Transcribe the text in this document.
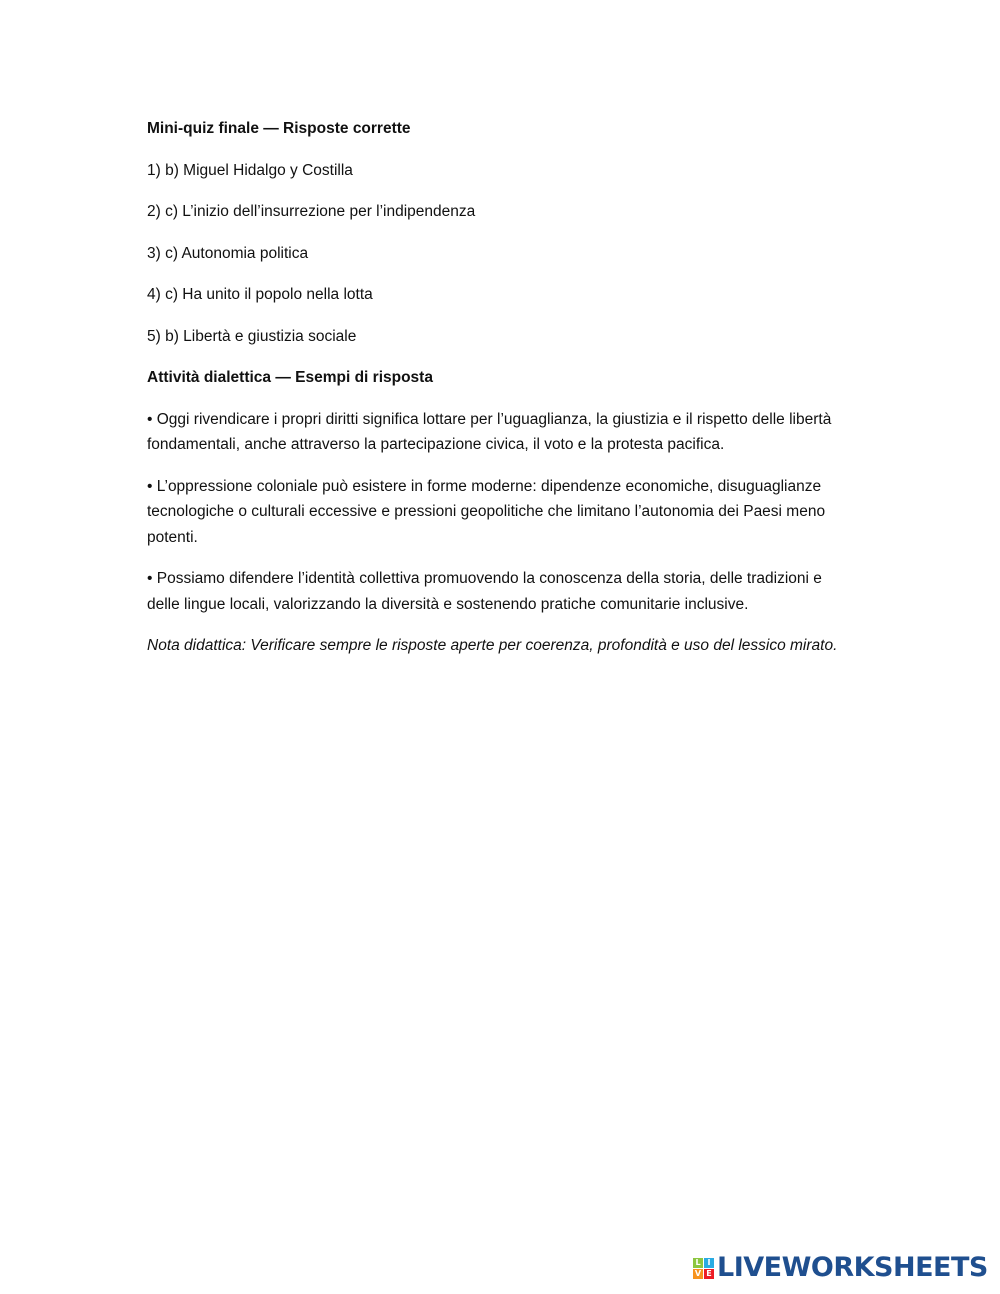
Mini-quiz finale — Risposte corrette

1) b) Miguel Hidalgo y Costilla

2) c) L’inizio dell’insurrezione per l’indipendenza

3) c) Autonomia politica

4) c) Ha unito il popolo nella lotta

5) b) Libertà e giustizia sociale

Attività dialettica — Esempi di risposta

• Oggi rivendicare i propri diritti significa lottare per l’uguaglianza, la giustizia e il rispetto delle libertà fondamentali, anche attraverso la partecipazione civica, il voto e la protesta pacifica.

• L’oppressione coloniale può esistere in forme moderne: dipendenze economiche, disuguaglianze tecnologiche o culturali eccessive e pressioni geopolitiche che limitano l’autonomia dei Paesi meno potenti.

• Possiamo difendere l’identità collettiva promuovendo la conoscenza della storia, delle tradizioni e delle lingue locali, valorizzando la diversità e sostenendo pratiche comunitarie inclusive.

Nota didattica: Verificare sempre le risposte aperte per coerenza, profondità e uso del lessico mirato.

L I
V E LIVEWORKSHEETS
